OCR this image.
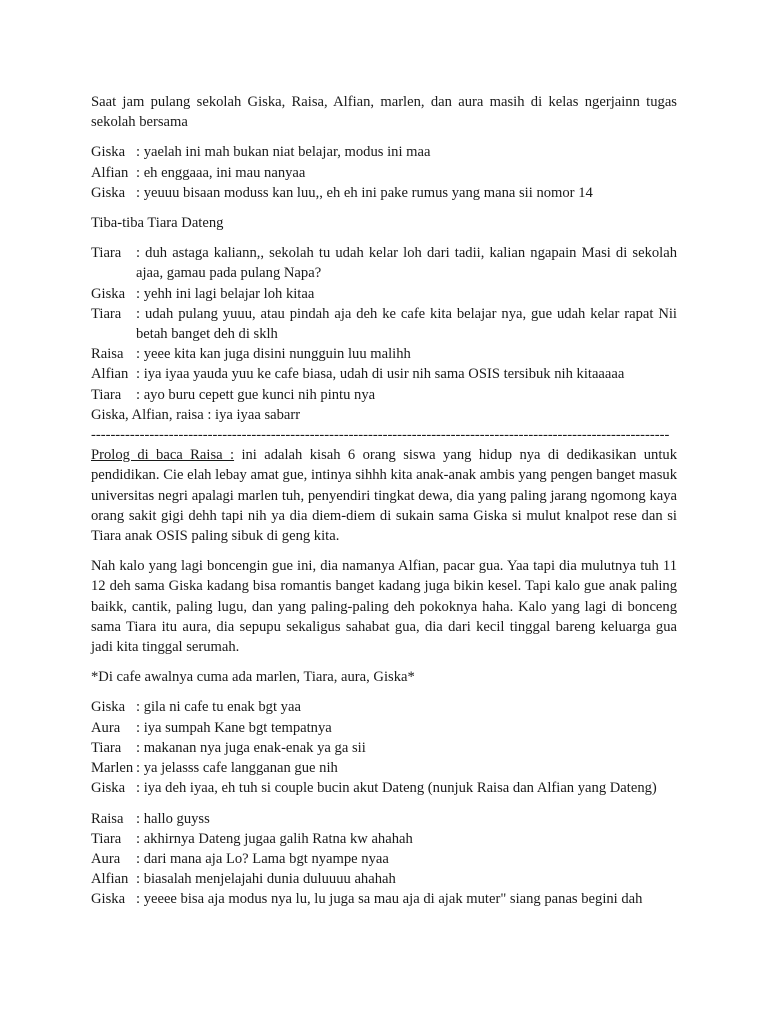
Saat jam pulang sekolah Giska, Raisa, Alfian, marlen, dan aura masih di kelas ngerjainn tugas sekolah bersama

Giska : yaelah ini mah bukan niat belajar, modus ini maa
Alfian : eh enggaaa, ini mau nanyaa
Giska : yeuuu bisaan moduss kan luu,, eh eh ini pake rumus yang mana sii nomor 14

Tiba-tiba Tiara Dateng

Tiara	: duh astaga kaliann,, sekolah tu udah kelar loh dari tadii, kalian ngapain Masi di sekolah ajaa, gamau pada pulang Napa?
Giska : yehh ini lagi belajar loh kitaa
Tiara	: udah pulang yuuu, atau pindah aja deh ke cafe kita belajar nya, gue udah kelar rapat Nii betah banget deh di sklh
Raisa : yeee kita kan juga disini nungguin luu malihh
Alfian : iya iyaa yauda yuu ke cafe biasa, udah di usir nih sama OSIS tersibuk nih kitaaaaa
Tiara	: ayo buru cepett gue kunci nih pintu nya

Giska, Alfian, raisa : iya iyaa sabarr

-----------------------------------------------------------------------------------------------------------------------

Prolog di baca Raisa : ini adalah kisah 6 orang siswa yang hidup nya di dedikasikan untuk pendidikan. Cie elah lebay amat gue, intinya sihhh kita anak-anak ambis yang pengen banget masuk universitas negri apalagi marlen tuh, penyendiri tingkat dewa, dia yang paling jarang ngomong kaya orang sakit gigi dehh tapi nih ya dia diem-diem di sukain sama Giska si mulut knalpot rese dan si Tiara anak OSIS paling sibuk di geng kita.

Nah kalo yang lagi boncengin gue ini, dia namanya Alfian, pacar gua. Yaa tapi dia mulutnya tuh 11 12 deh sama Giska kadang bisa romantis banget kadang juga bikin kesel. Tapi kalo gue anak paling baikk, cantik, paling lugu, dan yang paling-paling deh pokoknya haha. Kalo yang lagi di bonceng sama Tiara itu aura, dia sepupu sekaligus sahabat gua, dia dari kecil tinggal bareng keluarga gua jadi kita tinggal serumah.

*Di cafe awalnya cuma ada marlen, Tiara, aura, Giska*

Giska : gila ni cafe tu enak bgt yaa
Aura	: iya sumpah Kane bgt tempatnya
Tiara	: makanan nya juga enak-enak ya ga sii
Marlen : ya jelasss cafe langganan gue nih
Giska : iya deh iyaa, eh tuh si couple bucin akut Dateng (nunjuk Raisa dan Alfian yang Dateng)
Raisa : hallo guyss
Tiara	: akhirnya Dateng jugaa galih Ratna kw ahahah
Aura	: dari mana aja Lo? Lama bgt nyampe nyaa
Alfian : biasalah menjelajahi dunia duluuuu ahahah
Giska : yeeee bisa aja modus nya lu, lu juga sa mau aja di ajak muter" siang panas begini dah
